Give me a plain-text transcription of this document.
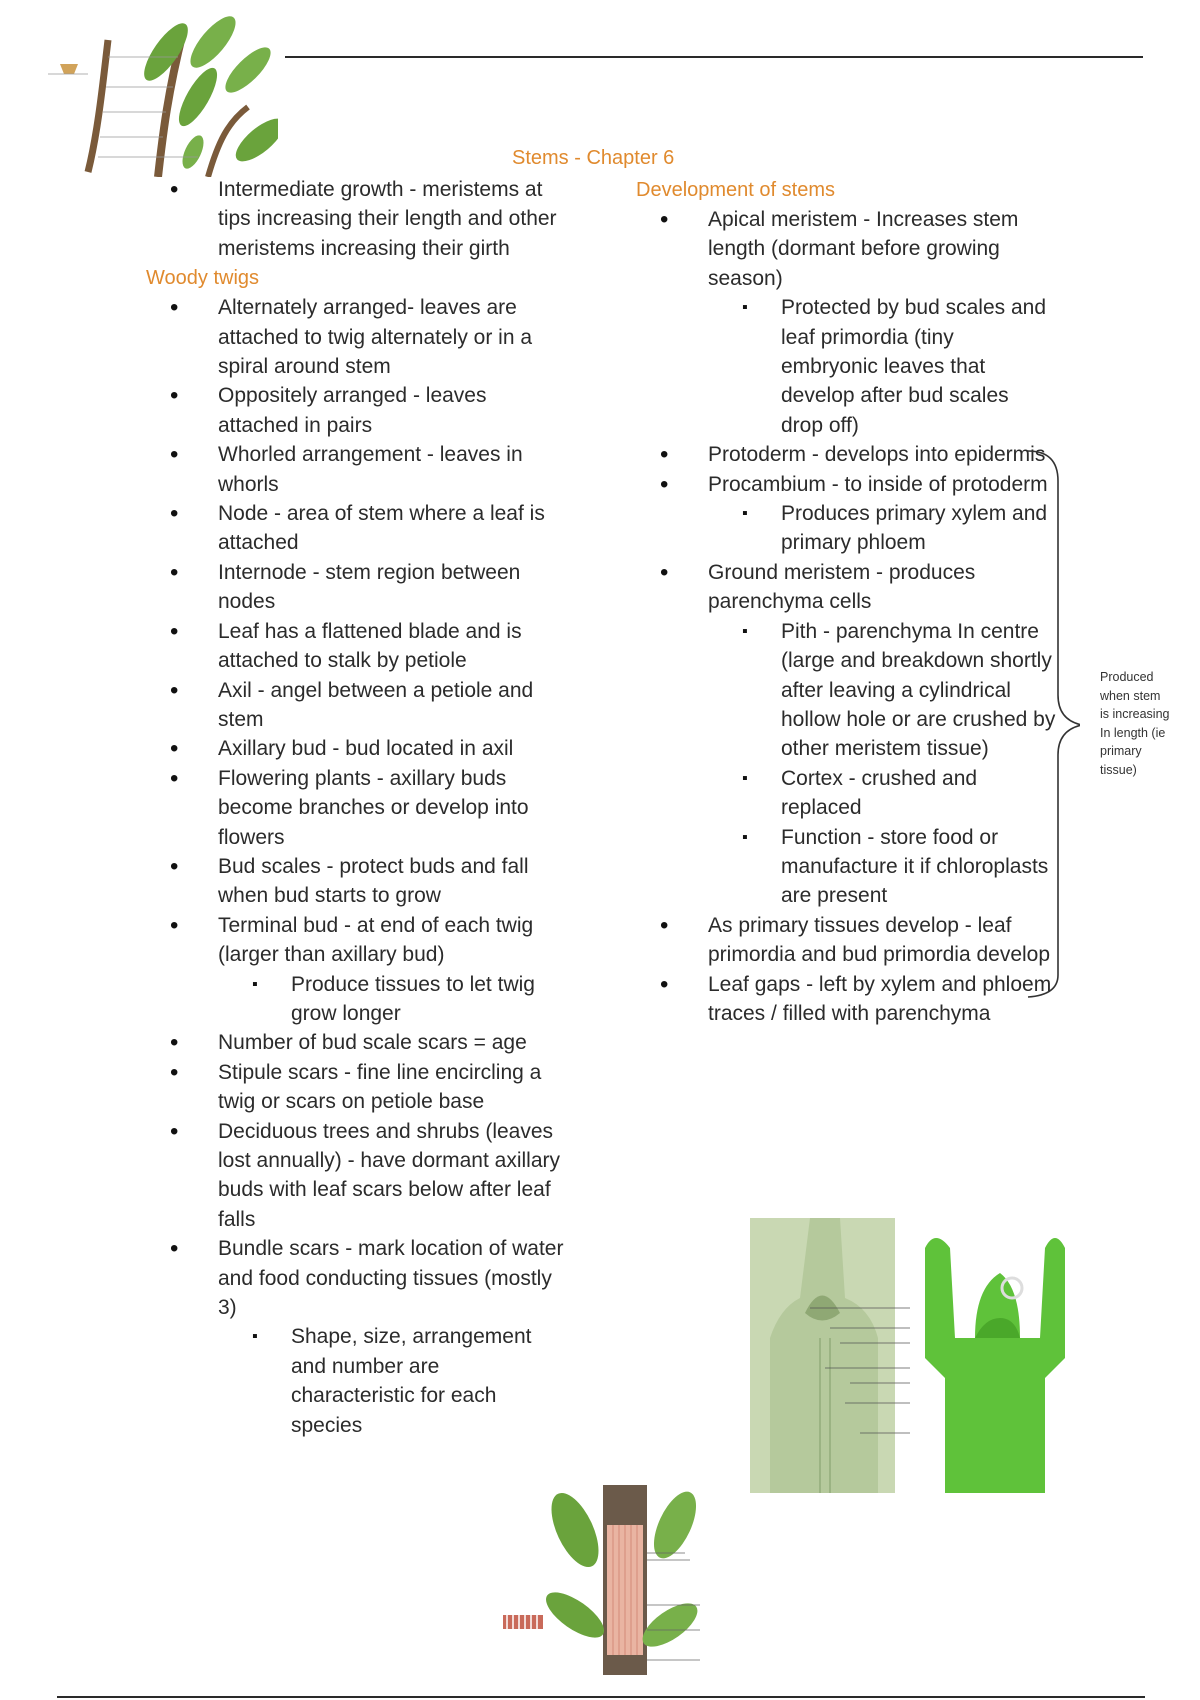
Stems - Chapter 6
• Intermediate growth - meristems at tips increasing their length and other meristems increasing their girth
Woody twigs
• Alternately arranged- leaves are attached to twig alternately or in a spiral around stem
• Oppositely arranged - leaves attached in pairs
• Whorled arrangement - leaves in whorls
• Node - area of stem where a leaf is attached
• Internode - stem region between nodes
• Leaf has a flattened blade and is attached to stalk by petiole
• Axil - angel between a petiole and stem
• Axillary bud - bud located in axil
• Flowering plants - axillary buds become branches or develop into flowers
• Bud scales - protect buds and fall when bud starts to grow
• Terminal bud - at end of each twig (larger than axillary bud)
▪ Produce tissues to let twig grow longer
• Number of bud scale scars = age
• Stipule scars - fine line encircling a twig or scars on petiole base
• Deciduous trees and shrubs (leaves lost annually) - have dormant axillary buds with leaf scars below after leaf falls
• Bundle scars - mark location of water and food conducting tissues (mostly 3)
▪ Shape, size, arrangement and number are characteristic for each species
Development of stems
• Apical meristem - Increases stem length (dormant before growing season)
▪ Protected by bud scales and leaf primordia (tiny embryonic leaves that develop after bud scales drop off)
• Protoderm - develops into epidermis
• Procambium - to inside of protoderm
▪ Produces primary xylem and primary phloem
• Ground meristem - produces parenchyma cells
▪ Pith - parenchyma In centre (large and breakdown shortly after leaving a cylindrical hollow hole or are crushed by other meristem tissue)
▪ Cortex - crushed and replaced
▪ Function - store food or manufacture it if chloroplasts are present
• As primary tissues develop - leaf primordia and bud primordia develop
• Leaf gaps - left by xylem and phloem traces / filled with parenchyma
Produced when stem is increasing In length (ie primary tissue)
